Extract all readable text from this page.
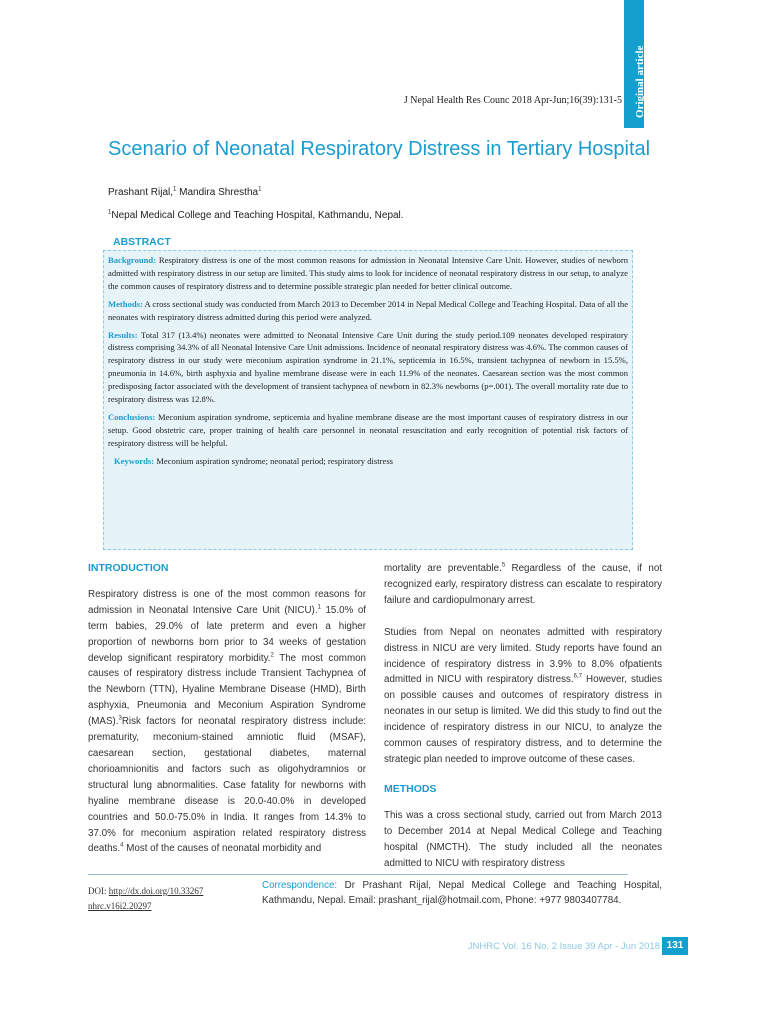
Original article
J Nepal Health Res Counc 2018 Apr-Jun;16(39):131-5
Scenario of Neonatal Respiratory Distress in Tertiary Hospital
Prashant Rijal,$^1$ Mandira Shrestha$^1$
$^1$Nepal Medical College and Teaching Hospital, Kathmandu, Nepal.
ABSTRACT

Background: Respiratory distress is one of the most common reasons for admission in Neonatal Intensive Care Unit. However, studies of newborn admitted with respiratory distress in our setup are limited. This study aims to look for incidence of neonatal respiratory distress in our setup, to analyze the common causes of respiratory distress and to determine possible strategic plan needed for better clinical outcome.

Methods: A cross sectional study was conducted from March 2013 to December 2014 in Nepal Medical College and Teaching Hospital. Data of all the neonates with respiratory distress admitted during this period were analyzed.

Results: Total 317 (13.4%) neonates were admitted to Neonatal Intensive Care Unit during the study period.109 neonates developed respiratory distress comprising 34.3% of all Neonatal Intensive Care Unit admissions. Incidence of neonatal respiratory distress was 4.6%. The common causes of respiratory distress in our study were meconium aspiration syndrome in 21.1%, septicemia in 16.5%, transient tachypnea of newborn in 15.5%, pneumonia in 14.6%, birth asphyxia and hyaline membrane disease were in each 11.9% of the neonates. Caesarean section was the most common predisposing factor associated with the development of transient tachypnea of newborn in 82.3% newborns (p=.001). The overall mortality rate due to respiratory distress was 12.8%.

Conclusions: Meconium aspiration syndrome, septicemia and hyaline membrane disease are the most important causes of respiratory distress in our setup. Good obstetric care, proper training of health care personnel in neonatal resuscitation and early recognition of potential risk factors of respiratory distress will be helpful.

Keywords: Meconium aspiration syndrome; neonatal period; respiratory distress

INTRODUCTION

Respiratory distress is one of the most common reasons for admission in Neonatal Intensive Care Unit (NICU).$^1$ 15.0% of term babies, 29.0% of late preterm and even a higher proportion of newborns born prior to 34 weeks of gestation develop significant respiratory morbidity.$^2$ The most common causes of respiratory distress include Transient Tachypnea of the Newborn (TTN), Hyaline Membrane Disease (HMD), Birth asphyxia, Pneumonia and Meconium Aspiration Syndrome (MAS).$^3$Risk factors for neonatal respiratory distress include: prematurity, meconium-stained amniotic fluid (MSAF), caesarean section, gestational diabetes, maternal chorioamnionitis and factors such as oligohydramnios or structural lung abnormalities. Case fatality for newborns with hyaline membrane disease is 20.0-40.0% in developed countries and 50.0-75.0% in India. It ranges from 14.3% to 37.0% for meconium aspiration related respiratory distress deaths.$^4$ Most of the causes of neonatal morbidity and

mortality are preventable.$^5$ Regardless of the cause, if not recognized early, respiratory distress can escalate to respiratory failure and cardiopulmonary arrest.

Studies from Nepal on neonates admitted with respiratory distress in NICU are very limited. Study reports have found an incidence of respiratory distress in 3.9% to 8.0% ofpatients admitted in NICU with respiratory distress.$^{6,7}$ However, studies on possible causes and outcomes of respiratory distress in neonates in our setup is limited. We did this study to find out the incidence of respiratory distress in our NICU, to analyze the common causes of respiratory distress, and to determine the strategic plan needed to improve outcome of these cases.

METHODS

This was a cross sectional study, carried out from March 2013 to December 2014 at Nepal Medical College and Teaching hospital (NMCTH). The study included all the neonates admitted to NICU with respiratory distress

DOI: http://dx.doi.org/10.33267
nhrc.v16i2.20297
Correspondence: Dr Prashant Rijal, Nepal Medical College and Teaching Hospital, Kathmandu, Nepal. Email: prashant_rijal@hotmail.com, Phone: +977 9803407784.
JNHRC Vol. 16 No. 2 Issue 39 Apr - Jun 2018 131
